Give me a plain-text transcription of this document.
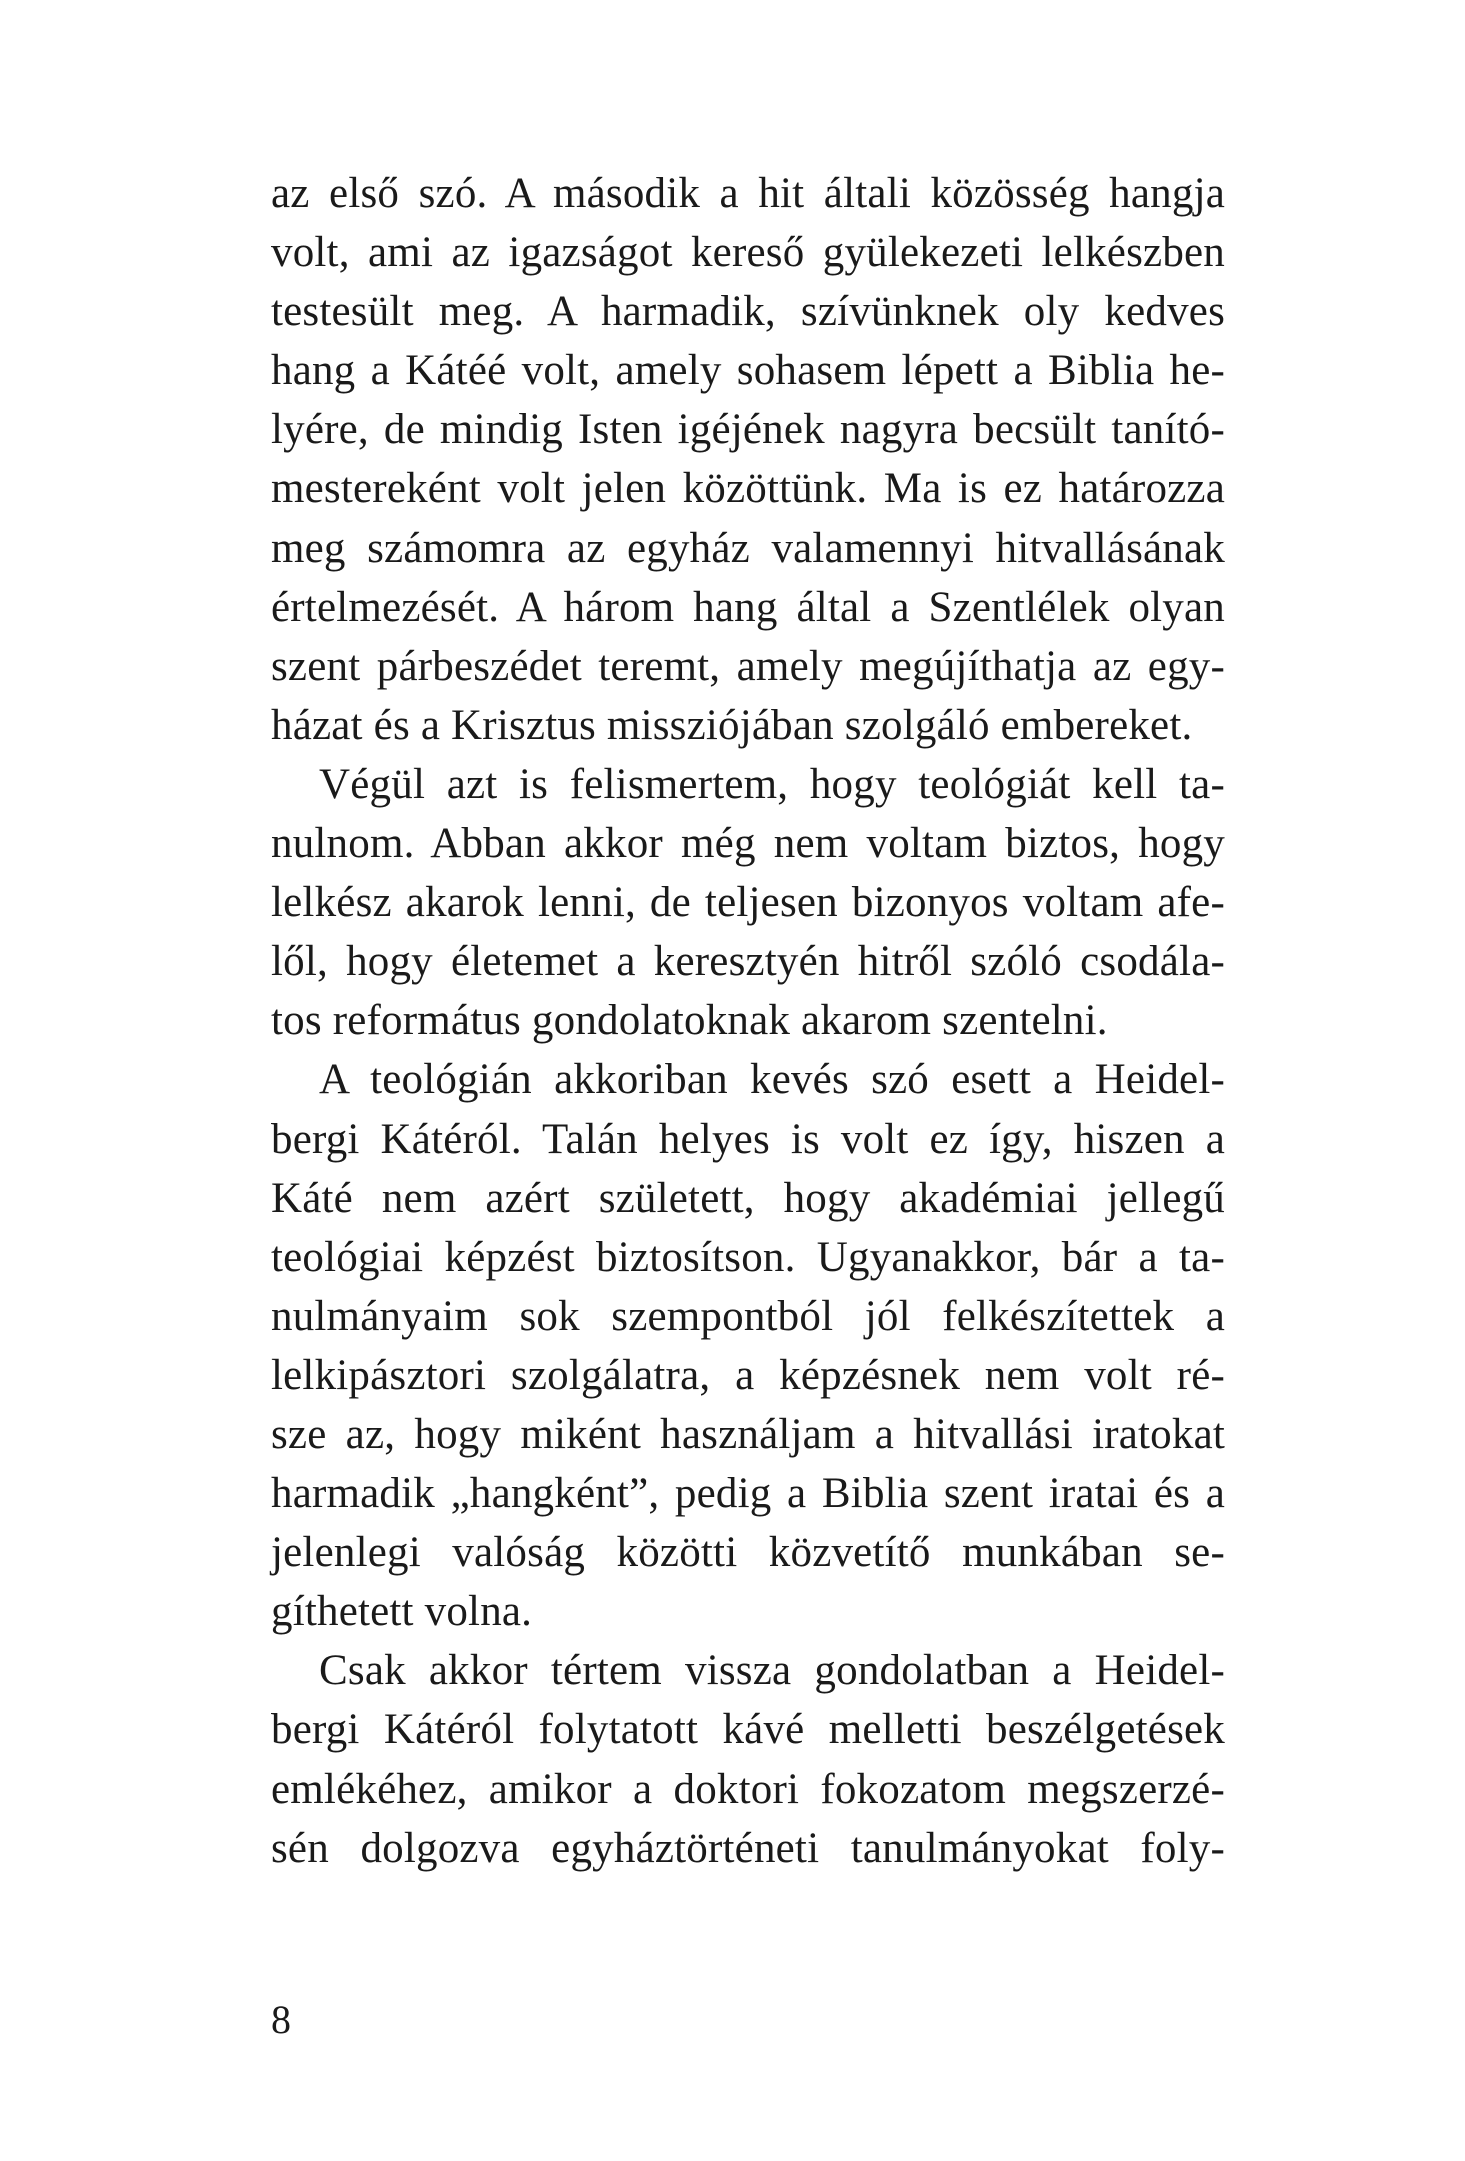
az első szó. A második a hit általi közösség hangja
volt, ami az igazságot kereső gyülekezeti lelkészben
testesült meg. A harmadik, szívünknek oly kedves
hang a Kátéé volt, amely sohasem lépett a Biblia he-
lyére, de mindig Isten igéjének nagyra becsült tanító-
mestereként volt jelen közöttünk. Ma is ez határozza
meg számomra az egyház valamennyi hitvallásának
értelmezését. A három hang által a Szentlélek olyan
szent párbeszédet teremt, amely megújíthatja az egy-
házat és a Krisztus missziójában szolgáló embereket.
Végül azt is felismertem, hogy teológiát kell ta-
nulnom. Abban akkor még nem voltam biztos, hogy
lelkész akarok lenni, de teljesen bizonyos voltam afe-
lől, hogy életemet a keresztyén hitről szóló csodála-
tos református gondolatoknak akarom szentelni.
A teológián akkoriban kevés szó esett a Heidel-
bergi Kátéról. Talán helyes is volt ez így, hiszen a
Káté nem azért született, hogy akadémiai jellegű
teológiai képzést biztosítson. Ugyanakkor, bár a ta-
nulmányaim sok szempontból jól felkészítettek a
lelkipásztori szolgálatra, a képzésnek nem volt ré-
sze az, hogy miként használjam a hitvallási iratokat
harmadik „hangként”, pedig a Biblia szent iratai és a
jelenlegi valóság közötti közvetítő munkában se-
gíthetett volna.
Csak akkor tértem vissza gondolatban a Heidel-
bergi Kátéról folytatott kávé melletti beszélgetések
emlékéhez, amikor a doktori fokozatom megszerzé-
sén dolgozva egyháztörténeti tanulmányokat foly-
8
